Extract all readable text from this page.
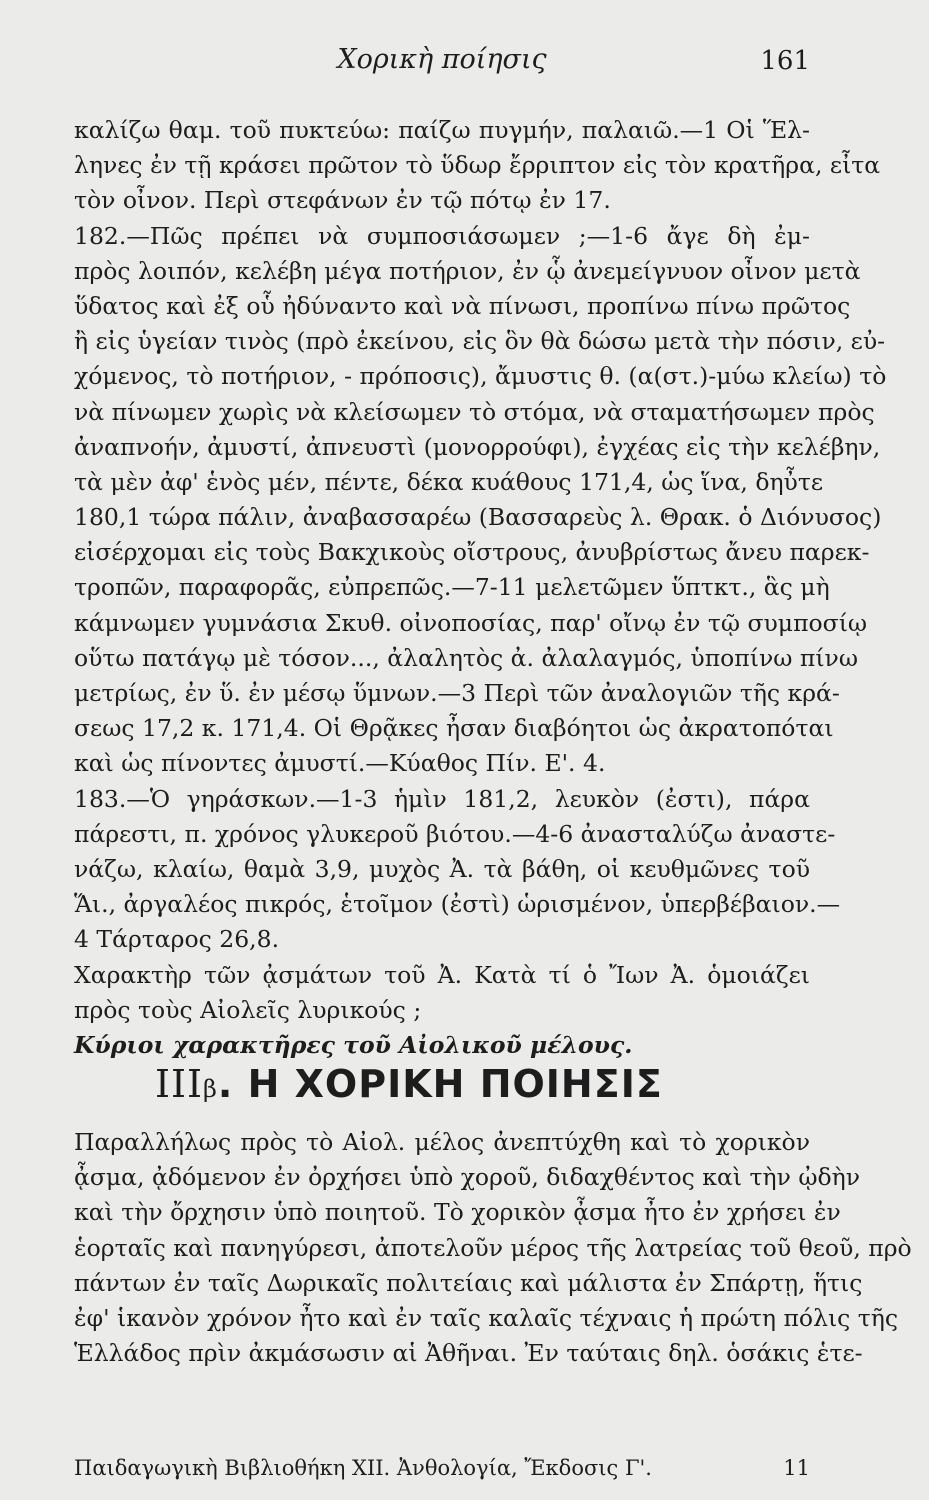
Χορικὴ ποίησις	161
καλίζω θαμ. τοῦ πυκτεύω: παίζω πυγμήν, παλαιῶ.—1 Οἱ Ἕλ-
ληνες ἐν τῇ κράσει πρῶτον τὸ ὕδωρ ἔρριπτον εἰς τὸν κρατῆρα, εἶτα
τὸν οἶνον. Περὶ στεφάνων ἐν τῷ πότῳ ἐν 17.
182.—Πῶς πρέπει νὰ συμποσιάσωμεν ;—1-6 ἄγε δὴ ἐμ-
πρὸς λοιπόν, κελέβη μέγα ποτήριον, ἐν ᾧ ἀνεμείγνυον οἶνον μετὰ
ὕδατος καὶ ἐξ οὗ ἠδύναντο καὶ νὰ πίνωσι, προπίνω πίνω πρῶτος
ἢ εἰς ὑγείαν τινὸς (πρὸ ἐκείνου, εἰς ὃν θὰ δώσω μετὰ τὴν πόσιν, εὐ-
χόμενος, τὸ ποτήριον, - πρόποσις), ἄμυστις θ. (α(στ.)-μύω κλείω) τὸ
νὰ πίνωμεν χωρὶς νὰ κλείσωμεν τὸ στόμα, νὰ σταματήσωμεν πρὸς
ἀναπνοήν, ἀμυστί, ἀπνευστὶ (μονορρούφι), ἐγχέας εἰς τὴν κελέβην,
τὰ μὲν ἀφ' ἑνὸς μέν, πέντε, δέκα κυάθους 171,4, ὡς ἵνα, δηὖτε
180,1 τώρα πάλιν, ἀναβασσαρέω (Βασσαρεὺς λ. Θρακ. ὁ Διόνυσος)
εἰσέρχομαι εἰς τοὺς Βακχικοὺς οἴστρους, ἀνυβρίστως ἄνευ παρεκ-
τροπῶν, παραφορᾶς, εὐπρεπῶς.—7-11 μελετῶμεν ὕπτκτ., ἃς μὴ
κάμνωμεν γυμνάσια Σκυθ. οἰνοποσίας, παρ' οἴνῳ ἐν τῷ συμποσίῳ
οὕτω πατάγῳ μὲ τόσον..., ἀλαλητὸς ἀ. ἀλαλαγμός, ὑποπίνω πίνω
μετρίως, ἐν ὕ. ἐν μέσῳ ὕμνων.—3 Περὶ τῶν ἀναλογιῶν τῆς κρά-
σεως 17,2 κ. 171,4. Οἱ Θρᾷκες ἦσαν διαβόητοι ὡς ἀκρατοπόται
καὶ ὡς πίνοντες ἀμυστί.—Κύαθος Πίν. Ε'. 4.
183.—Ὁ γηράσκων.—1-3 ἡμὶν 181,2, λευκὸν (ἐστι), πάρα
πάρεστι, π. χρόνος γλυκεροῦ βιότου.—4-6 ἀνασταλύζω ἀναστε-
νάζω, κλαίω, θαμὰ 3,9, μυχὸς Ἀ. τὰ βάθη, οἱ κευθμῶνες τοῦ
Ἅι., ἀργαλέος πικρός, ἑτοῖμον (ἐστὶ) ὡρισμένον, ὑπερβέβαιον.—
4 Τάρταρος 26,8.
Χαρακτὴρ τῶν ᾀσμάτων τοῦ Ἀ. Κατὰ τί ὁ Ἴων Ἀ. ὁμοιάζει
πρὸς τοὺς Αἰολεῖς λυρικούς ;
Κύριοι χαρακτῆρες τοῦ Αἰολικοῦ μέλους.
IIIβ. Η ΧΟΡΙΚΗ ΠΟΙΗΣΙΣ
Παραλλήλως πρὸς τὸ Αἰολ. μέλος ἀνεπτύχθη καὶ τὸ χορικὸν
ᾆσμα, ᾀδόμενον ἐν ὀρχήσει ὑπὸ χοροῦ, διδαχθέντος καὶ τὴν ᾠδὴν
καὶ τὴν ὄρχησιν ὑπὸ ποιητοῦ. Τὸ χορικὸν ᾆσμα ἦτο ἐν χρήσει ἐν
ἑορταῖς καὶ πανηγύρεσι, ἀποτελοῦν μέρος τῆς λατρείας τοῦ θεοῦ, πρὸ
πάντων ἐν ταῖς Δωρικαῖς πολιτείαις καὶ μάλιστα ἐν Σπάρτῃ, ἥτις
ἐφ' ἱκανὸν χρόνον ἦτο καὶ ἐν ταῖς καλαῖς τέχναις ἡ πρώτη πόλις τῆς
Ἑλλάδος πρὶν ἀκμάσωσιν αἱ Ἀθῆναι. Ἐν ταύταις δηλ. ὁσάκις ἑτε-
Παιδαγωγικὴ Βιβλιοθήκη XII. Ἀνθολογία, Ἔκδοσις Γ'.	11
